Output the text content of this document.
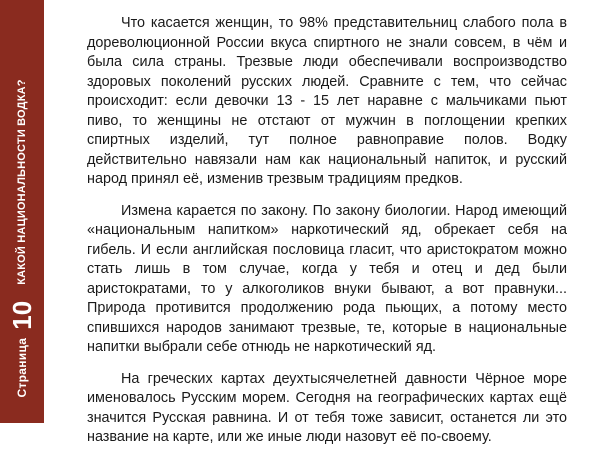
Страница
10
КАКОЙ НАЦИОНАЛЬНОСТИ ВОДКА?

Что касается женщин, то 98% представительниц слабого пола в дореволюционной России вкуса спиртного не знали совсем, в чём и была сила страны. Трезвые люди обеспечивали воспроизводство здоровых поколений русских людей. Сравните с тем, что сейчас происходит: если девочки 13 - 15 лет наравне с мальчиками пьют пиво, то женщины не отстают от мужчин в поглощении крепких спиртных изделий, тут полное равноправие полов. Водку действительно навязали нам как национальный напиток, и русский народ принял её, изменив трезвым традициям предков.

Измена карается по закону. По закону биологии. Народ имеющий «национальным напитком» наркотический яд, обрекает себя на гибель. И если английская пословица гласит, что аристократом можно стать лишь в том случае, когда у тебя и отец и дед были аристократами, то у алкоголиков внуки бывают, а вот правнуки... Природа противится продолжению рода пьющих, а потому место спившихся народов занимают трезвые, те, которые в национальные напитки выбрали себе отнюдь не наркотический яд.

На греческих картах деухтысячелетней давности Чёрное море именовалось Русским морем. Сегодня на географических картах ещё значится Русская равнина. И от тебя тоже зависит, останется ли это название на карте, или же иные люди назовут её по-своему.
